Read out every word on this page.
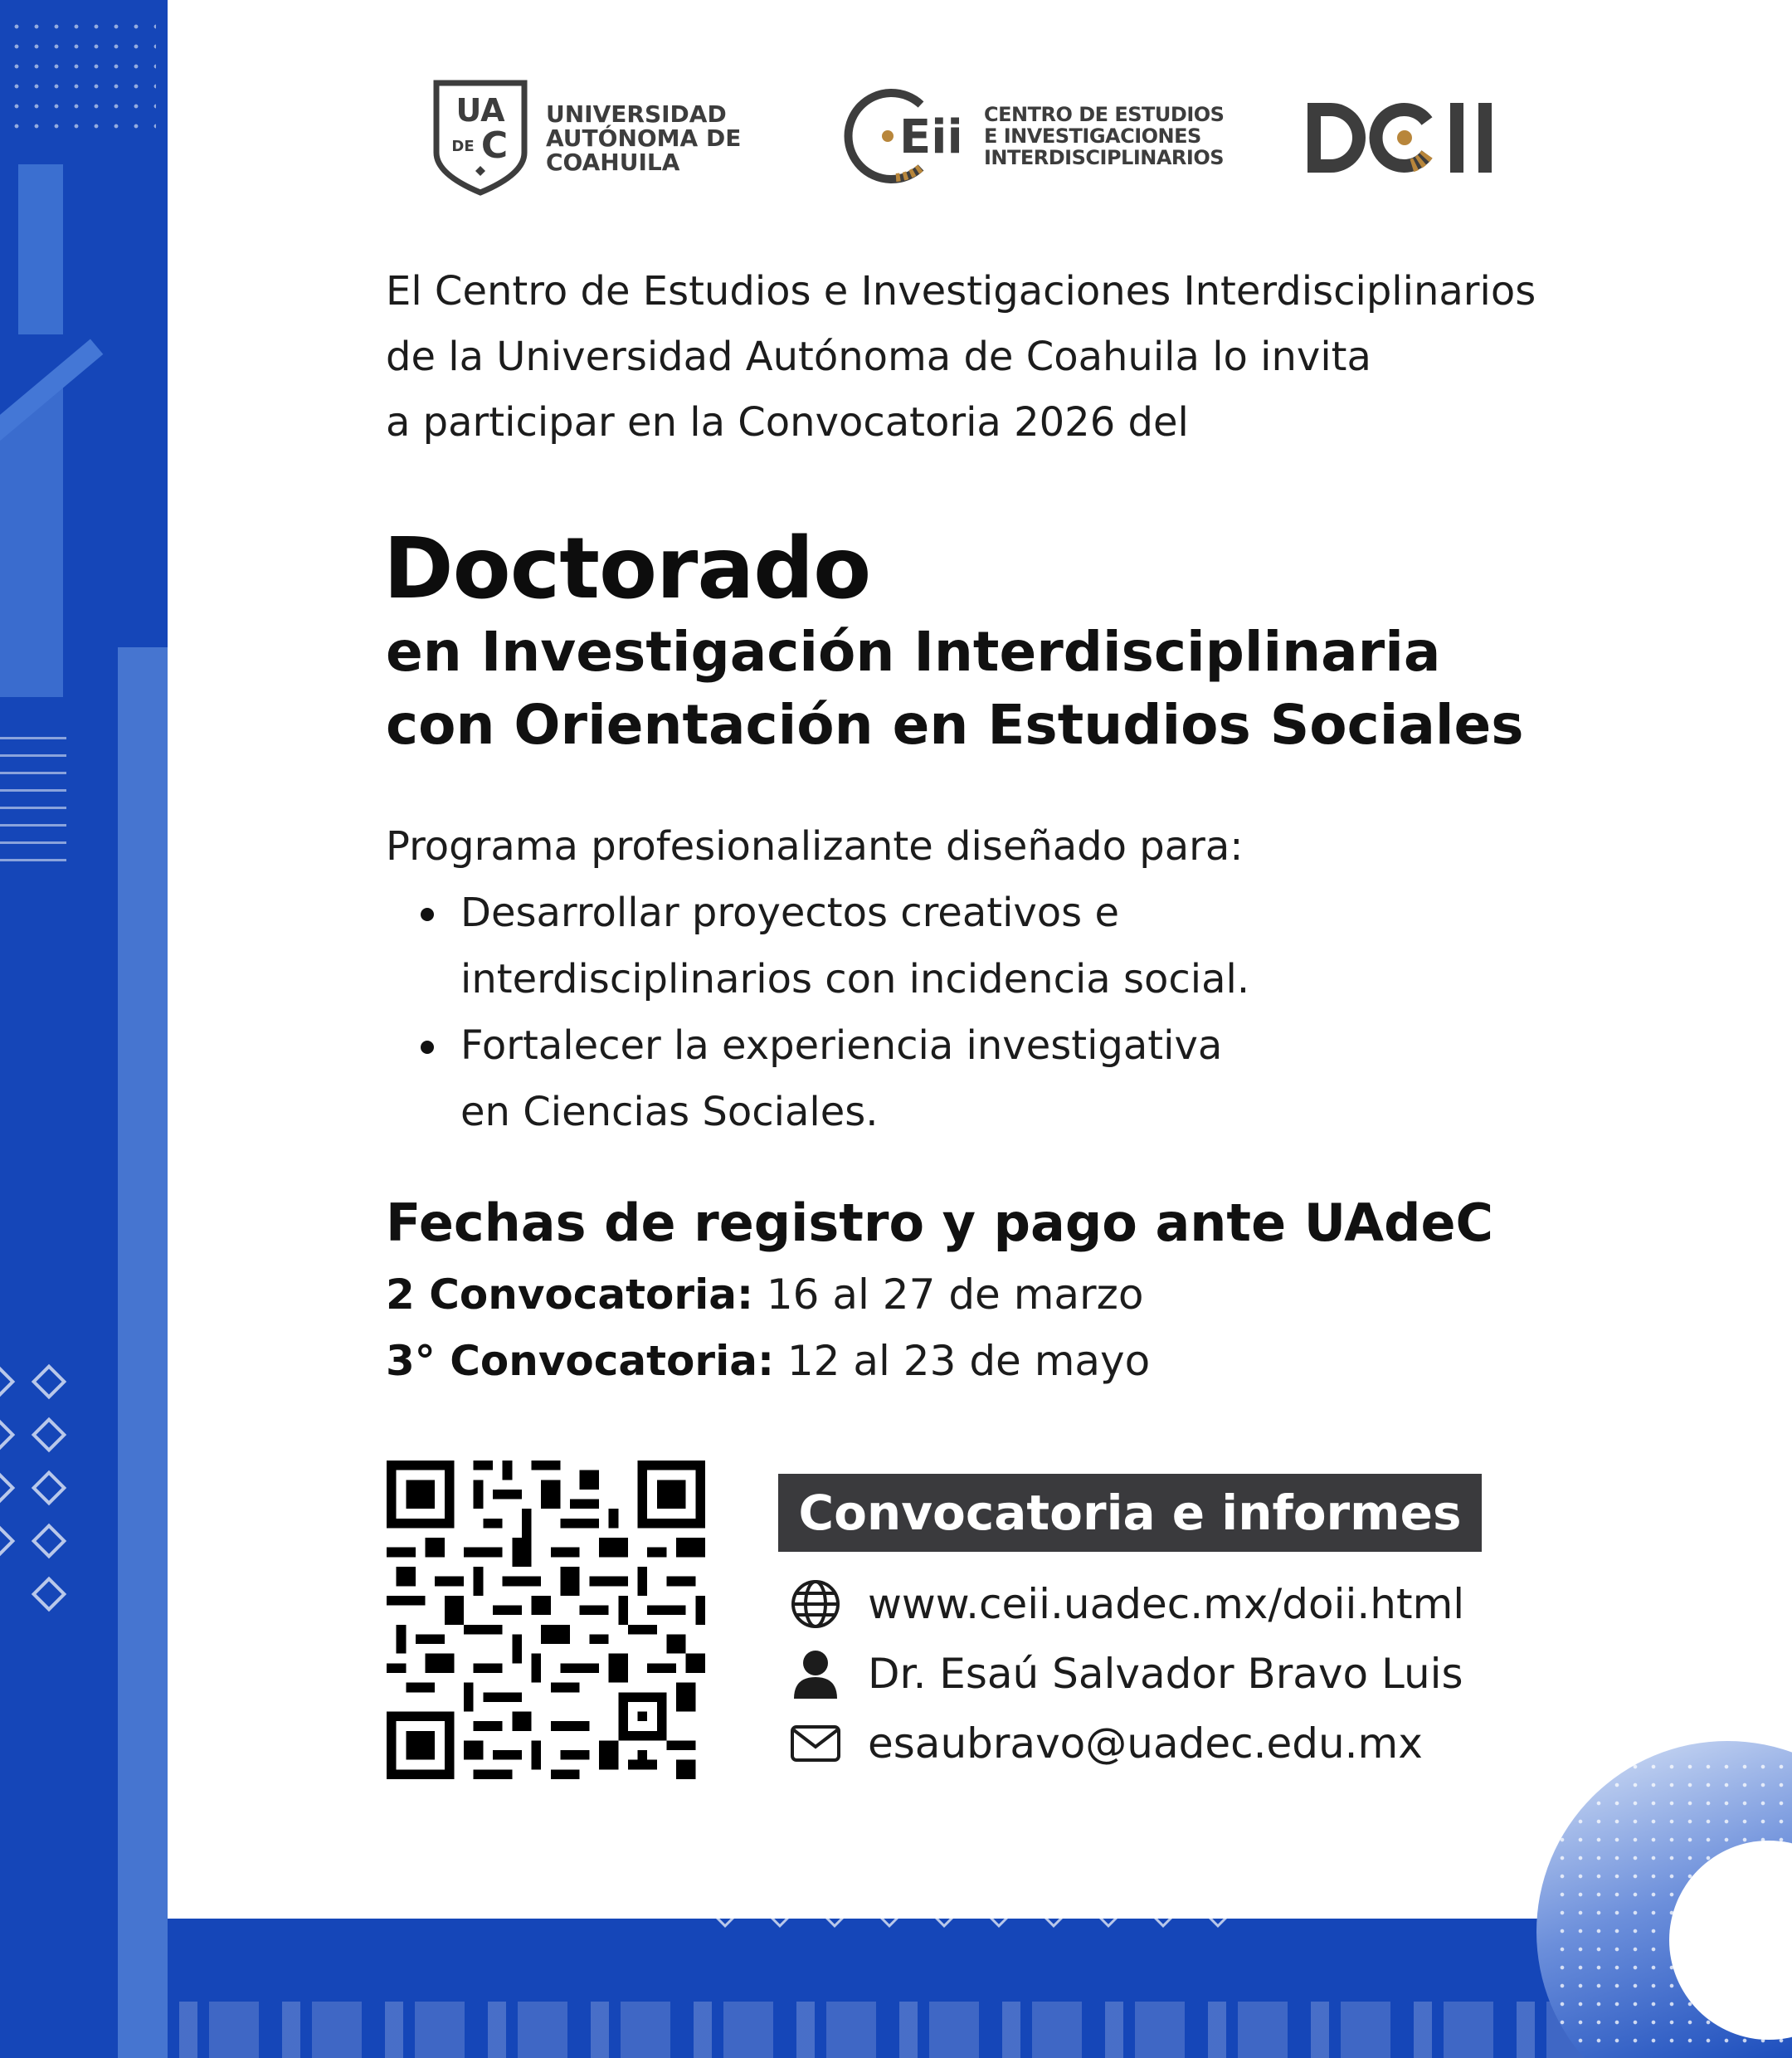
UA
DE C
UNIVERSIDAD
AUTÓNOMA DE
COAHUILA	Eii CENTRO DE ESTUDIOS
E INVESTIGACIONES
INTERDISCIPLINARIOS
El Centro de Estudios e Investigaciones Interdisciplinarios
de la Universidad Autónoma de Coahuila lo invita
a participar en la Convocatoria 2026 del
Doctorado
en Investigación Interdisciplinaria
con Orientación en Estudios Sociales
Programa profesionalizante diseñado para:
Desarrollar proyectos creativos e
interdisciplinarios con incidencia social.
Fortalecer la experiencia investigativa
en Ciencias Sociales.
Fechas de registro y pago ante UAdeC
2 Convocatoria: 16 al 27 de marzo
3° Convocatoria: 12 al 23 de mayo
Convocatoria e informes
www.ceii.uadec.mx/doii.html
Dr. Esaú Salvador Bravo Luis
esaubravo@uadec.edu.mx
